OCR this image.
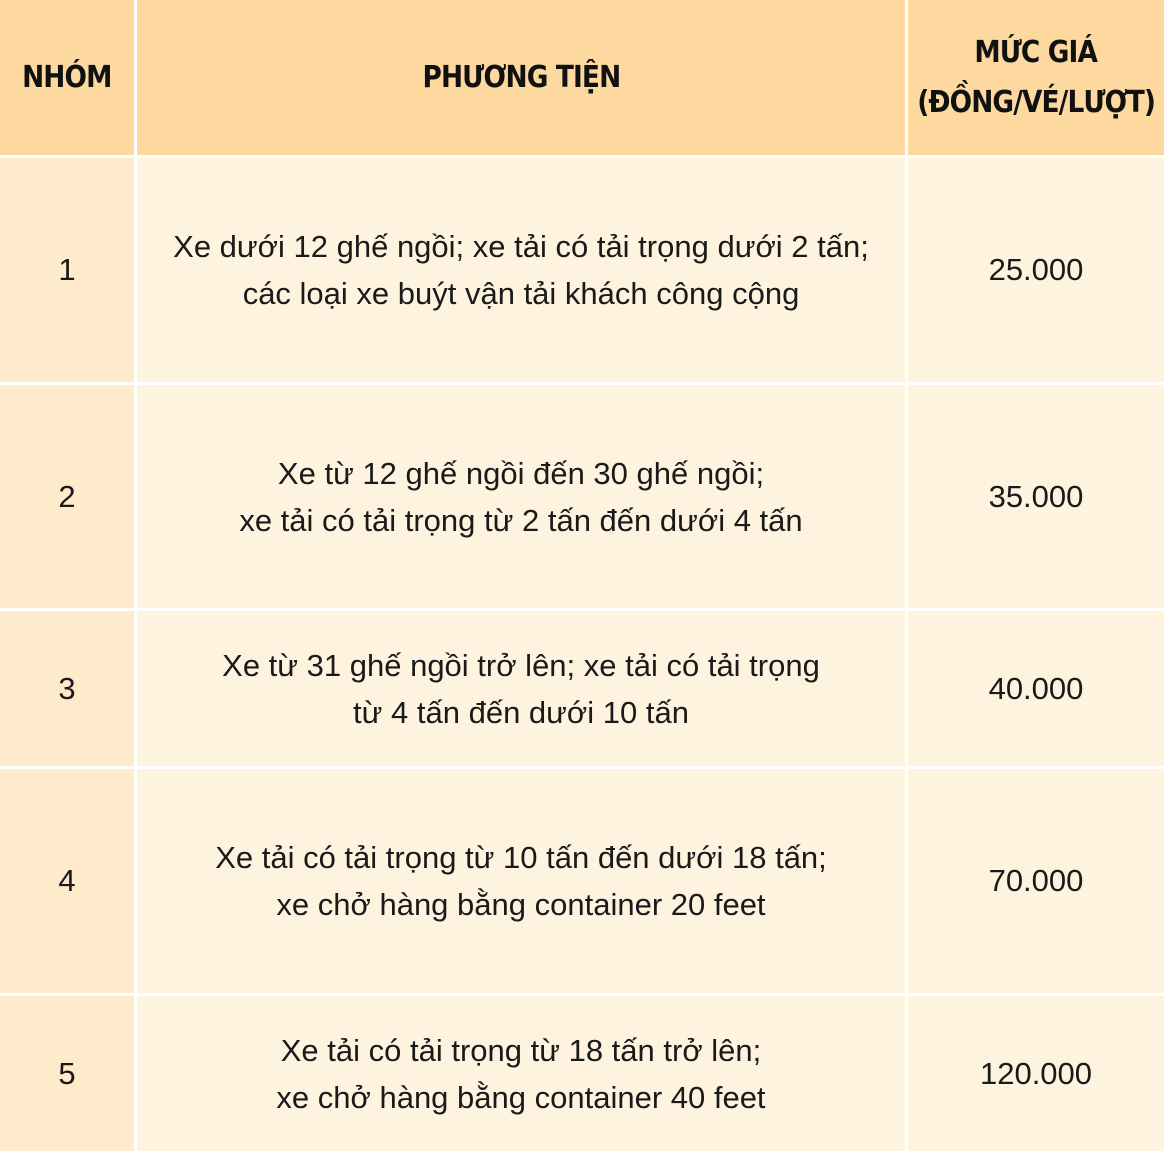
NHÓM	PHƯƠNG TIỆN
MỨC GIÁ
(ĐỒNG/VÉ/LƯỢT)
1
Xe dưới 12 ghế ngồi; xe tải có tải trọng dưới 2 tấn;
các loại xe buýt vận tải khách công cộng
25.000
2
Xe từ 12 ghế ngồi đến 30 ghế ngồi;
xe tải có tải trọng từ 2 tấn đến dưới 4 tấn
35.000
3
Xe từ 31 ghế ngồi trở lên; xe tải có tải trọng
từ 4 tấn đến dưới 10 tấn
40.000
4
Xe tải có tải trọng từ 10 tấn đến dưới 18 tấn;
xe chở hàng bằng container 20 feet
70.000
5
Xe tải có tải trọng từ 18 tấn trở lên;
xe chở hàng bằng container 40 feet
120.000
